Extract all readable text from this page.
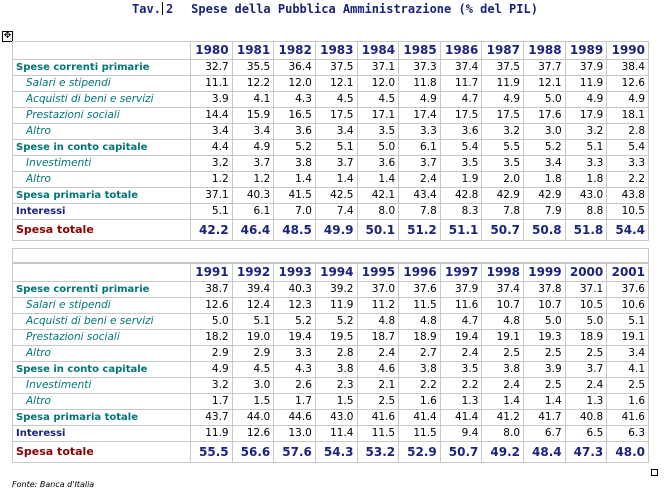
Tav. 2 Spese della Pubblica Amministrazione (% del PIL)
✥
	1980	1981	1982	1983	1984	1985	1986	1987	1988	1989	1990
Spese correnti primarie	32.7	35.5	36.4	37.5	37.1	37.3	37.4	37.5	37.7	37.9	38.4
Salari e stipendi	11.1	12.2	12.0	12.1	12.0	11.8	11.7	11.9	12.1	11.9	12.6
Acquisti di beni e servizi	3.9	4.1	4.3	4.5	4.5	4.9	4.7	4.9	5.0	4.9	4.9
Prestazioni sociali	14.4	15.9	16.5	17.5	17.1	17.4	17.5	17.5	17.6	17.9	18.1
Altro	3.4	3.4	3.6	3.4	3.5	3.3	3.6	3.2	3.0	3.2	2.8
Spese in conto capitale	4.4	4.9	5.2	5.1	5.0	6.1	5.4	5.5	5.2	5.1	5.4
Investimenti	3.2	3.7	3.8	3.7	3.6	3.7	3.5	3.5	3.4	3.3	3.3
Altro	1.2	1.2	1.4	1.4	1.4	2.4	1.9	2.0	1.8	1.8	2.2
Spesa primaria totale	37.1	40.3	41.5	42.5	42.1	43.4	42.8	42.9	42.9	43.0	43.8
Interessi	5.1	6.1	7.0	7.4	8.0	7.8	8.3	7.8	7.9	8.8	10.5
Spesa totale	42.2	46.4	48.5	49.9	50.1	51.2	51.1	50.7	50.8	51.8	54.4
	1991	1992	1993	1994	1995	1996	1997	1998	1999	2000	2001
Spese correnti primarie	38.7	39.4	40.3	39.2	37.0	37.6	37.9	37.4	37.8	37.1	37.6
Salari e stipendi	12.6	12.4	12.3	11.9	11.2	11.5	11.6	10.7	10.7	10.5	10.6
Acquisti di beni e servizi	5.0	5.1	5.2	5.2	4.8	4.8	4.7	4.8	5.0	5.0	5.1
Prestazioni sociali	18.2	19.0	19.4	19.5	18.7	18.9	19.4	19.1	19.3	18.9	19.1
Altro	2.9	2.9	3.3	2.8	2.4	2.7	2.4	2.5	2.5	2.5	3.4
Spese in conto capitale	4.9	4.5	4.3	3.8	4.6	3.8	3.5	3.8	3.9	3.7	4.1
Investimenti	3.2	3.0	2.6	2.3	2.1	2.2	2.2	2.4	2.5	2.4	2.5
Altro	1.7	1.5	1.7	1.5	2.5	1.6	1.3	1.4	1.4	1.3	1.6
Spesa primaria totale	43.7	44.0	44.6	43.0	41.6	41.4	41.4	41.2	41.7	40.8	41.6
Interessi	11.9	12.6	13.0	11.4	11.5	11.5	9.4	8.0	6.7	6.5	6.3
Spesa totale	55.5	56.6	57.6	54.3	53.2	52.9	50.7	49.2	48.4	47.3	48.0
Fonte: Banca d'Italia
